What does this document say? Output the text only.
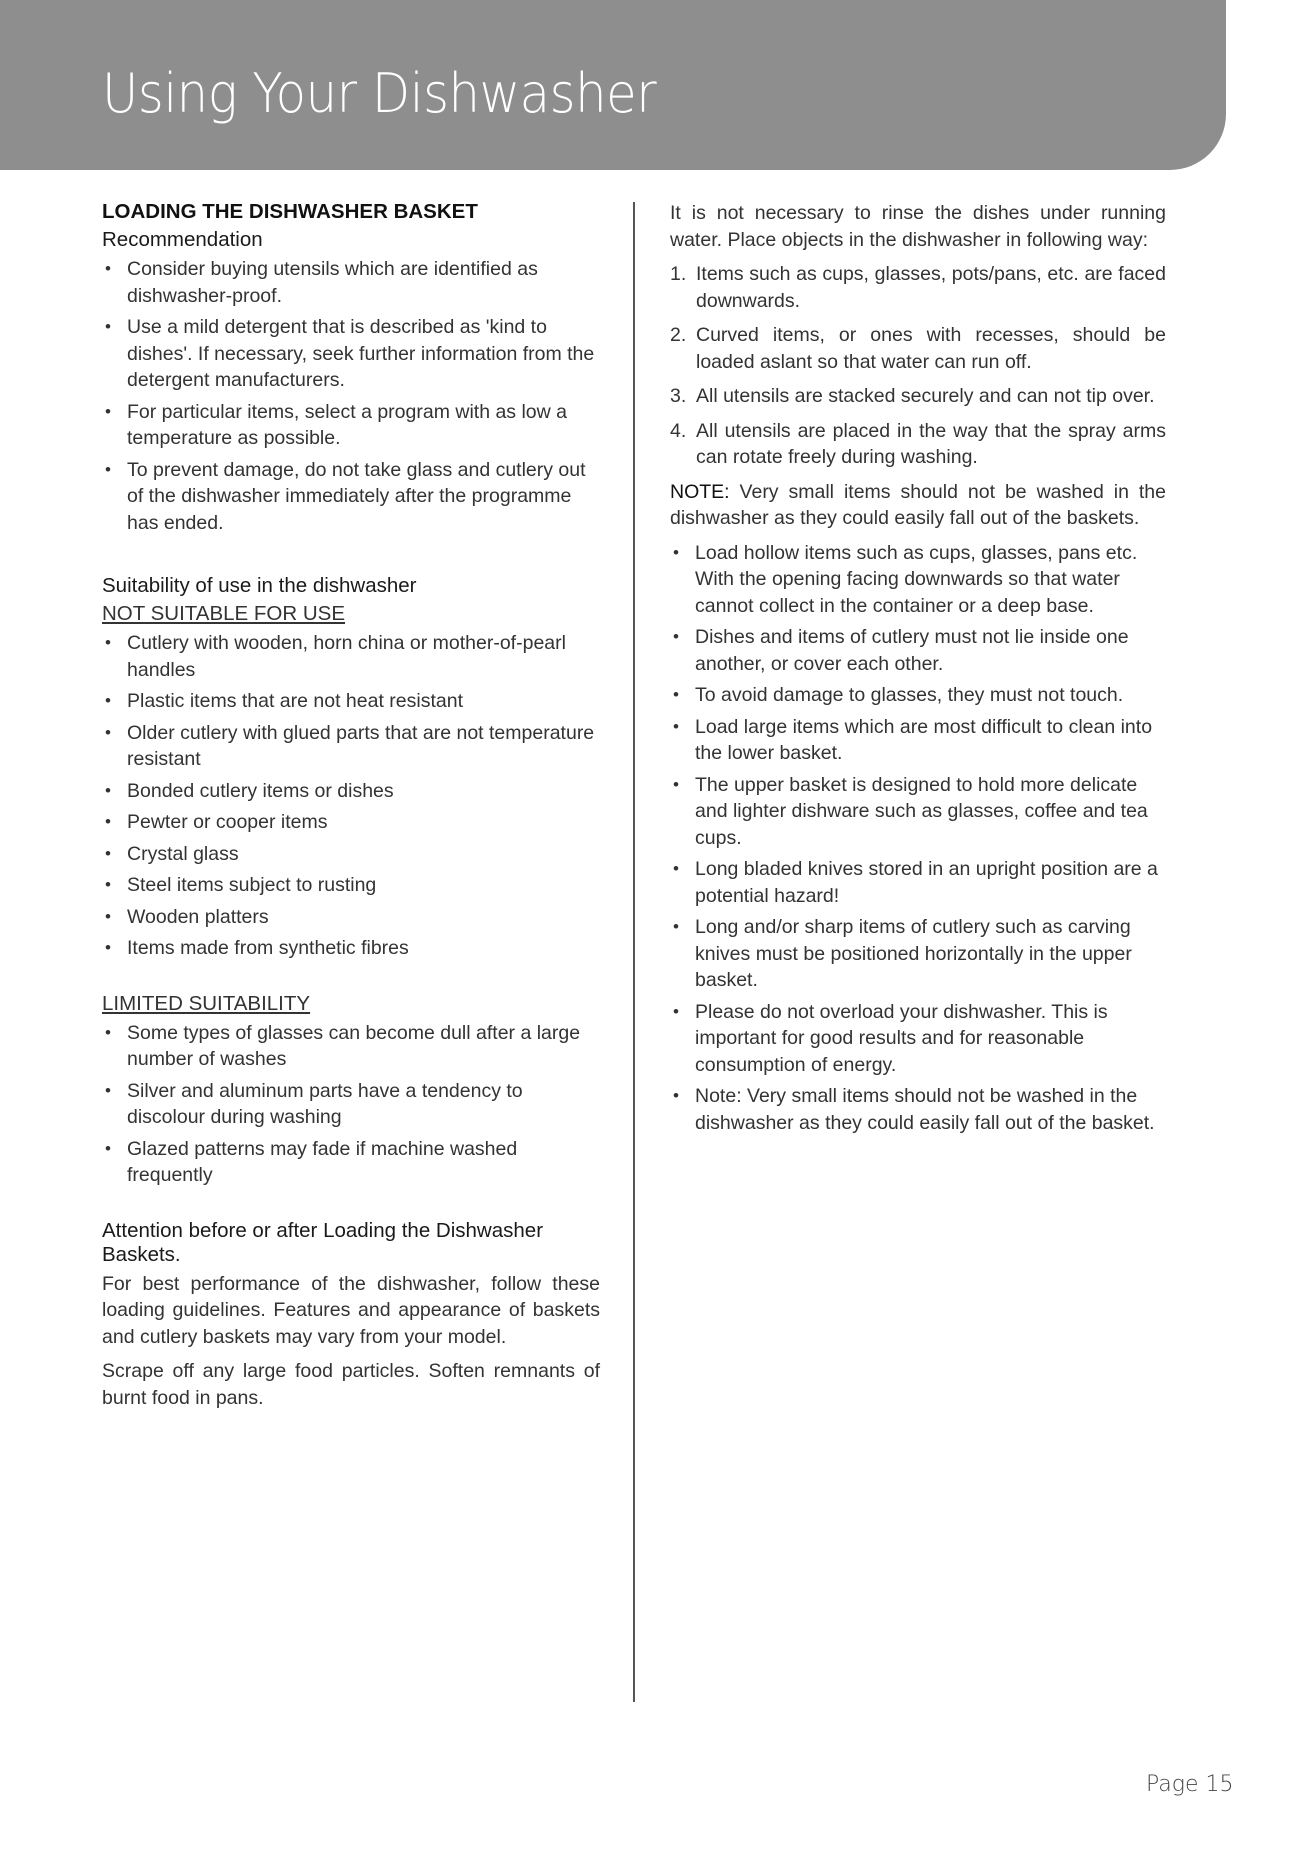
Using Your Dishwasher
LOADING THE DISHWASHER BASKET
Recommendation
• Consider buying utensils which are identified as dishwasher-proof.
• Use a mild detergent that is described as 'kind to dishes'. If necessary, seek further information from the detergent manufacturers.
• For particular items, select a program with as low a temperature as possible.
• To prevent damage, do not take glass and cutlery out of the dishwasher immediately after the programme has ended.
Suitability of use in the dishwasher
NOT SUITABLE FOR USE
• Cutlery with wooden, horn china or mother-of-pearl handles
• Plastic items that are not heat resistant
• Older cutlery with glued parts that are not temperature resistant
• Bonded cutlery items or dishes
• Pewter or cooper items
• Crystal glass
• Steel items subject to rusting
• Wooden platters
• Items made from synthetic fibres
LIMITED SUITABILITY
• Some types of glasses can become dull after a large number of washes
• Silver and aluminum parts have a tendency to discolour during washing
• Glazed patterns may fade if machine washed frequently
Attention before or after Loading the Dishwasher Baskets.

For best performance of the dishwasher, follow these loading guidelines. Features and appearance of baskets and cutlery baskets may vary from your model.

Scrape off any large food particles. Soften remnants of burnt food in pans.

It is not necessary to rinse the dishes under running water. Place objects in the dishwasher in following way:

1. Items such as cups, glasses, pots/pans, etc. are faced downwards.
2. Curved items, or ones with recesses, should be loaded aslant so that water can run off.
3. All utensils are stacked securely and can not tip over.
4. All utensils are placed in the way that the spray arms can rotate freely during washing.

NOTE: Very small items should not be washed in the dishwasher as they could easily fall out of the baskets.

• Load hollow items such as cups, glasses, pans etc. With the opening facing downwards so that water cannot collect in the container or a deep base.
• Dishes and items of cutlery must not lie inside one another, or cover each other.
• To avoid damage to glasses, they must not touch.
• Load large items which are most difficult to clean into the lower basket.
• The upper basket is designed to hold more delicate and lighter dishware such as glasses, coffee and tea cups.
• Long bladed knives stored in an upright position are a potential hazard!
• Long and/or sharp items of cutlery such as carving knives must be positioned horizontally in the upper basket.
• Please do not overload your dishwasher. This is important for good results and for reasonable consumption of energy.
• Note: Very small items should not be washed in the dishwasher as they could easily fall out of the basket.
Page 15
